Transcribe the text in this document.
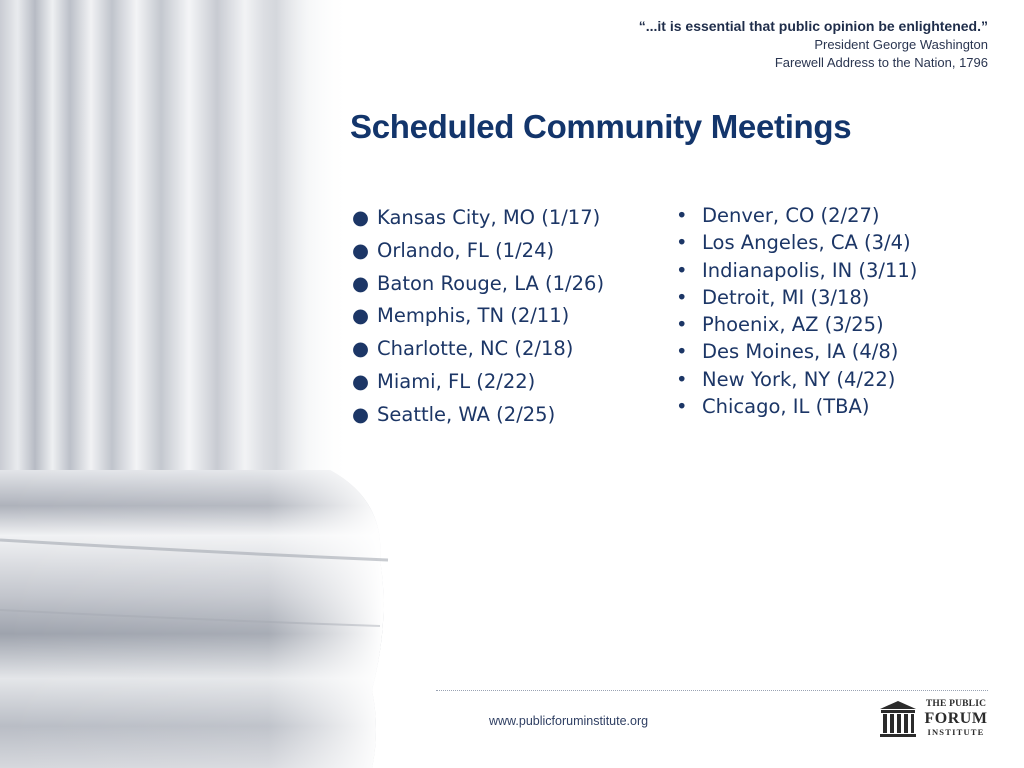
“...it is essential that public opinion be enlightened.”
President George Washington
Farewell Address to the Nation, 1796
Scheduled Community Meetings
● Kansas City, MO (1/17)
● Orlando, FL (1/24)
● Baton Rouge, LA (1/26)
● Memphis, TN (2/11)
● Charlotte, NC (2/18)
● Miami, FL (2/22)
● Seattle, WA (2/25)
• Denver, CO (2/27)
• Los Angeles, CA (3/4)
• Indianapolis, IN (3/11)
• Detroit, MI (3/18)
• Phoenix, AZ (3/25)
• Des Moines, IA (4/8)
• New York, NY (4/22)
• Chicago, IL (TBA)
www.publicforuminstitute.org
THE PUBLIC
FORUM
INSTITUTE
